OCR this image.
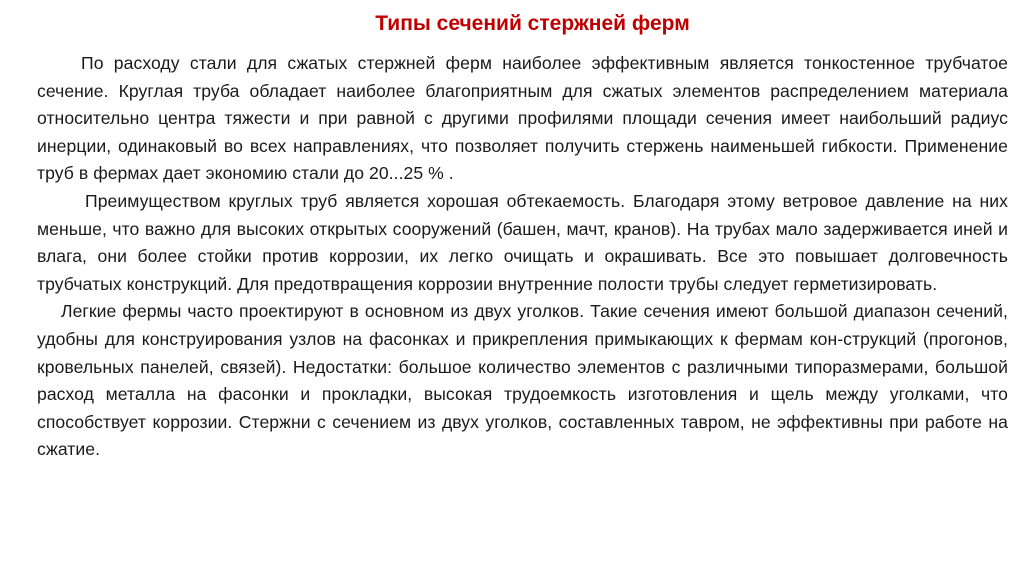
Типы сечений стержней ферм

По расходу стали для сжатых стержней ферм наиболее эффективным является тонкостенное трубчатое сечение. Круглая труба обладает наиболее благоприятным для сжатых элементов распределением материала относительно центра тяжести и при равной с другими профилями площади сечения имеет наибольший радиус инерции, одинаковый во всех направлениях, что позволяет получить стержень наименьшей гибкости. Применение труб в фермах дает экономию стали до 20...25 % .

Преимуществом круглых труб является хорошая обтекаемость. Благодаря этому ветровое давление на них меньше, что важно для высоких открытых сооружений (башен, мачт, кранов). На трубах мало задерживается иней и влага, они более стойки против коррозии, их легко очищать и окрашивать. Все это повышает долговечность трубчатых конструкций. Для предотвращения коррозии внутренние полости трубы следует герметизировать.

Легкие фермы часто проектируют в основном из двух уголков. Такие сечения имеют большой диапазон сечений, удобны для конструирования узлов на фасонках и прикрепления примыкающих к фермам кон-струкций (прогонов, кровельных панелей, связей). Недостатки: большое количество элементов с различными типоразмерами, большой расход металла на фасонки и прокладки, высокая трудоемкость изготовления и щель между уголками, что способствует коррозии. Стержни с сечением из двух уголков, составленных тавром, не эффективны при работе на сжатие.
